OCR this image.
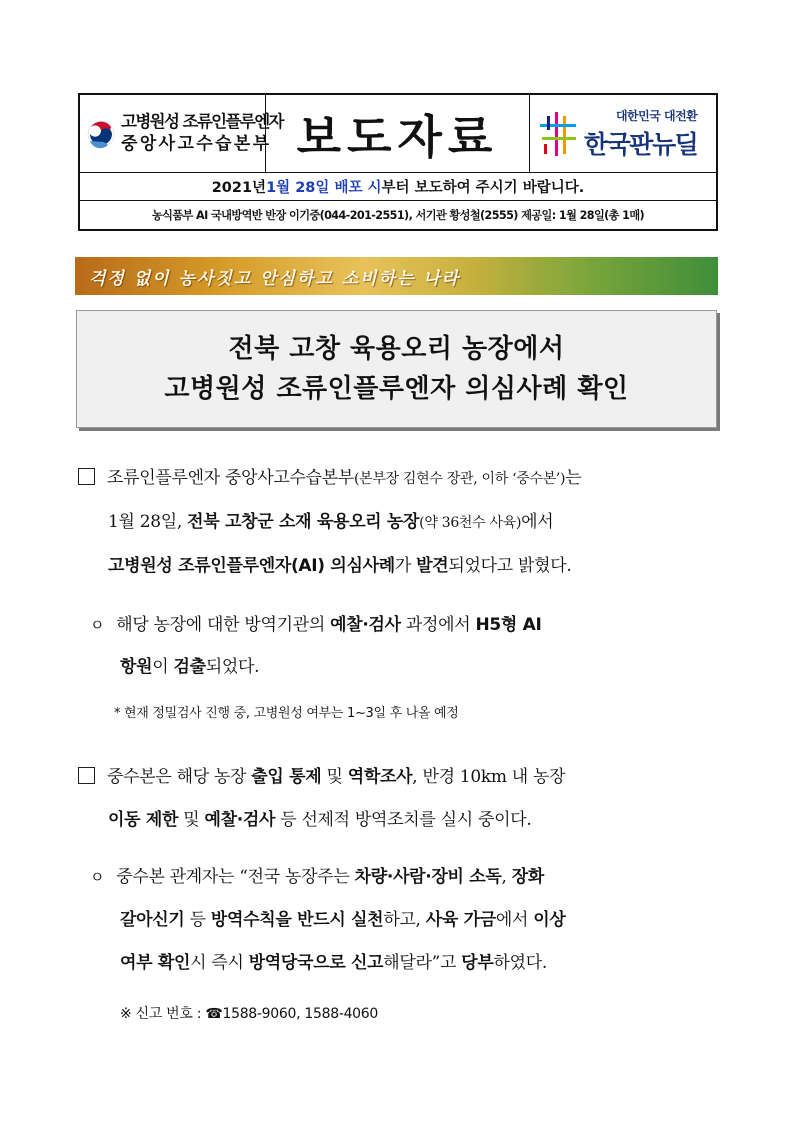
고병원성 조류인플루엔자
중앙사고수습본부 보도자료	대한민국 대전환
한국판뉴딜
2021년 1월 28일 배포 시 부터 보도하여 주시기 바랍니다.
농식품부 AI 국내방역반 반장 이기중(044-201-2551), 서기관 황성철(2555) 제공일: 1월 28일(총 1매)
걱정 없이 농사짓고 안심하고 소비하는 나라
전북 고창 육용오리 농장에서
고병원성 조류인플루엔자 의심사례 확인
조류인플루엔자 중앙사고수습본부(본부장 김현수 장관, 이하 ‘중수본’)는
1월 28일, 전북 고창군 소재 육용오리 농장(약 36천수 사육)에서
고병원성 조류인플루엔자(AI) 의심사례가 발견되었다고 밝혔다.
ㅇ 해당 농장에 대한 방역기관의 예찰·검사 과정에서 H5형 AI
항원이 검출되었다.
* 현재 정밀검사 진행 중, 고병원성 여부는 1~3일 후 나올 예정
중수본은 해당 농장 출입 통제 및 역학조사, 반경 10km 내 농장
이동 제한 및 예찰·검사 등 선제적 방역조치를 실시 중이다.
ㅇ 중수본 관계자는 “전국 농장주는 차량·사람·장비 소독, 장화
갈아신기 등 방역수칙을 반드시 실천하고, 사육 가금에서 이상
여부 확인시 즉시 방역당국으로 신고해달라”고 당부하였다.
※ 신고 번호 : ☎1588-9060, 1588-4060
